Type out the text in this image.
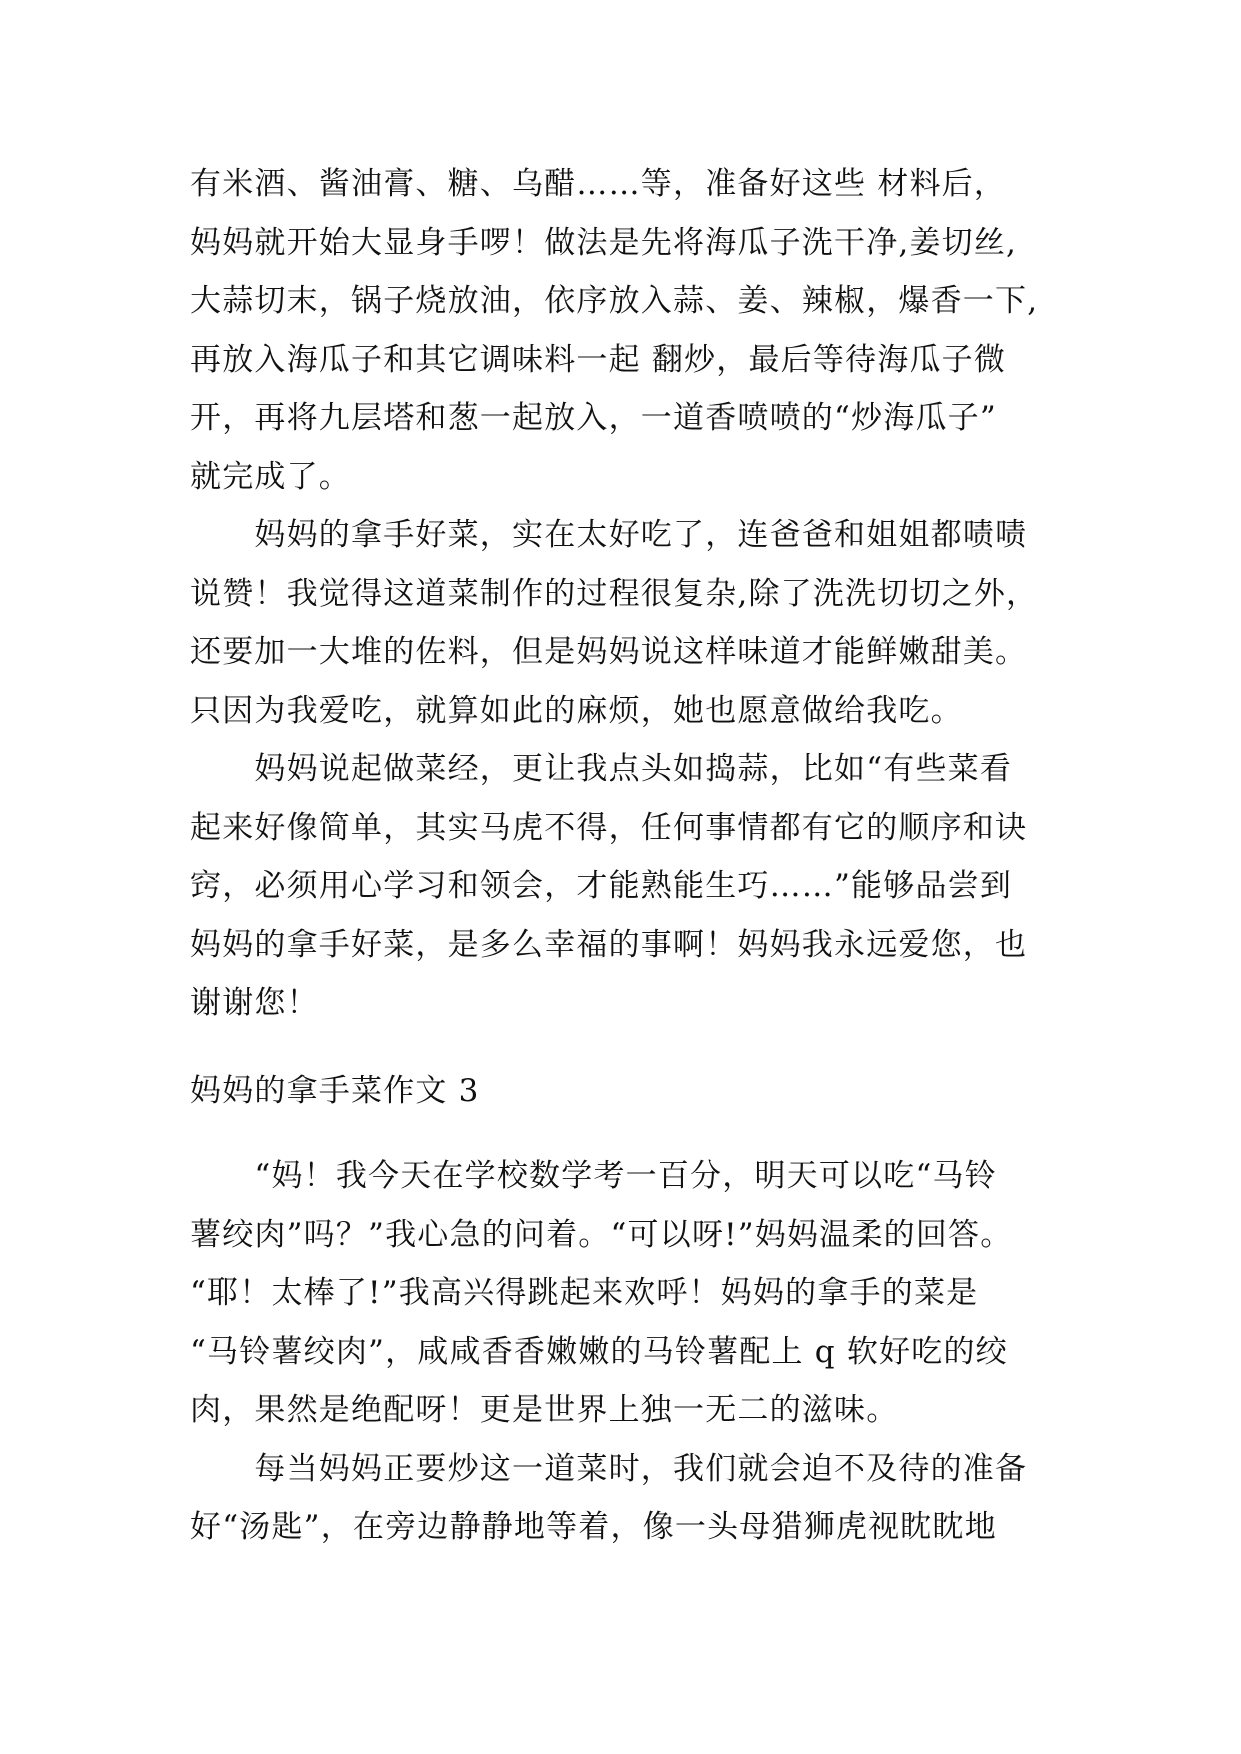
有米酒、酱油膏、糖、乌醋……等，准备好这些 材料后，
妈妈就开始大显身手啰！做法是先将海瓜子洗干净,姜切丝,
大蒜切末，锅子烧放油，依序放入蒜、姜、辣椒，爆香一下,
再放入海瓜子和其它调味料一起 翻炒，最后等待海瓜子微
开，再将九层塔和葱一起放入，一道香喷喷的“炒海瓜子”
就完成了。
　　妈妈的拿手好菜，实在太好吃了，连爸爸和姐姐都啧啧
说赞！我觉得这道菜制作的过程很复杂,除了洗洗切切之外，
还要加一大堆的佐料，但是妈妈说这样味道才能鲜嫩甜美。
只因为我爱吃，就算如此的麻烦，她也愿意做给我吃。
　　妈妈说起做菜经，更让我点头如捣蒜，比如“有些菜看
起来好像简单，其实马虎不得，任何事情都有它的顺序和诀
窍，必须用心学习和领会，才能熟能生巧……”能够品尝到
妈妈的拿手好菜，是多么幸福的事啊！妈妈我永远爱您，也
谢谢您！
妈妈的拿手菜作文 3
　　“妈！我今天在学校数学考一百分，明天可以吃“马铃
薯绞肉”吗？”我心急的问着。“可以呀!”妈妈温柔的回答。
“耶！太棒了!”我高兴得跳起来欢呼！妈妈的拿手的菜是
“马铃薯绞肉”，咸咸香香嫩嫩的马铃薯配上 q 软好吃的绞
肉，果然是绝配呀！更是世界上独一无二的滋味。
　　每当妈妈正要炒这一道菜时，我们就会迫不及待的准备
好“汤匙”，在旁边静静地等着，像一头母猎狮虎视眈眈地
